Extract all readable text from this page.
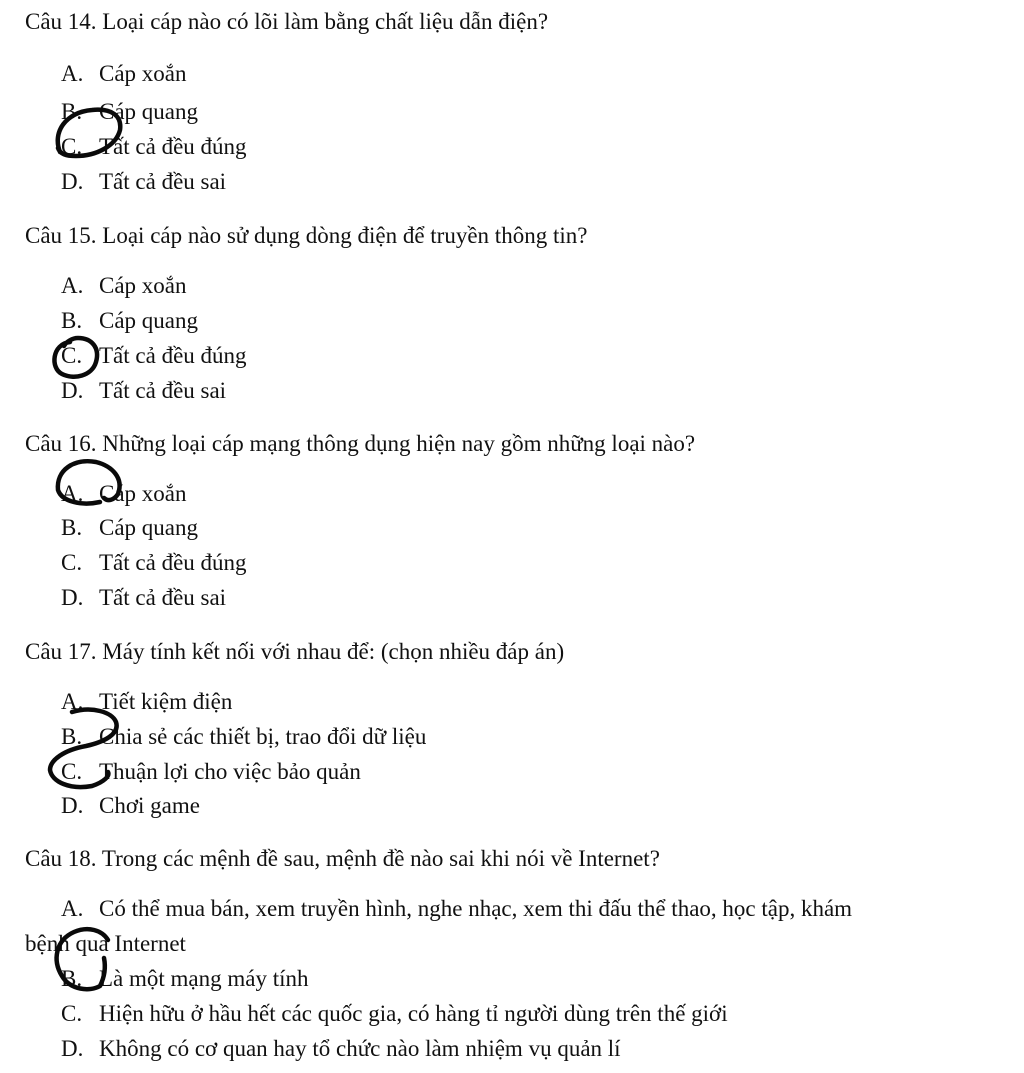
Câu 14. Loại cáp nào có lõi làm bằng chất liệu dẫn điện?
A. Cáp xoắn
B. Cáp quang
C. Tất cả đều đúng
D. Tất cả đều sai
Câu 15. Loại cáp nào sử dụng dòng điện để truyền thông tin?
A. Cáp xoắn
B. Cáp quang
C. Tất cả đều đúng
D. Tất cả đều sai
Câu 16. Những loại cáp mạng thông dụng hiện nay gồm những loại nào?
A. Cáp xoắn
B. Cáp quang
C. Tất cả đều đúng
D. Tất cả đều sai
Câu 17. Máy tính kết nối với nhau để: (chọn nhiều đáp án)
A. Tiết kiệm điện
B. Chia sẻ các thiết bị, trao đổi dữ liệu
C. Thuận lợi cho việc bảo quản
D. Chơi game
Câu 18. Trong các mệnh đề sau, mệnh đề nào sai khi nói về Internet?
A. Có thể mua bán, xem truyền hình, nghe nhạc, xem thi đấu thể thao, học tập, khám
bệnh qua Internet
B. Là một mạng máy tính
C. Hiện hữu ở hầu hết các quốc gia, có hàng tỉ người dùng trên thế giới
D. Không có cơ quan hay tổ chức nào làm nhiệm vụ quản lí
